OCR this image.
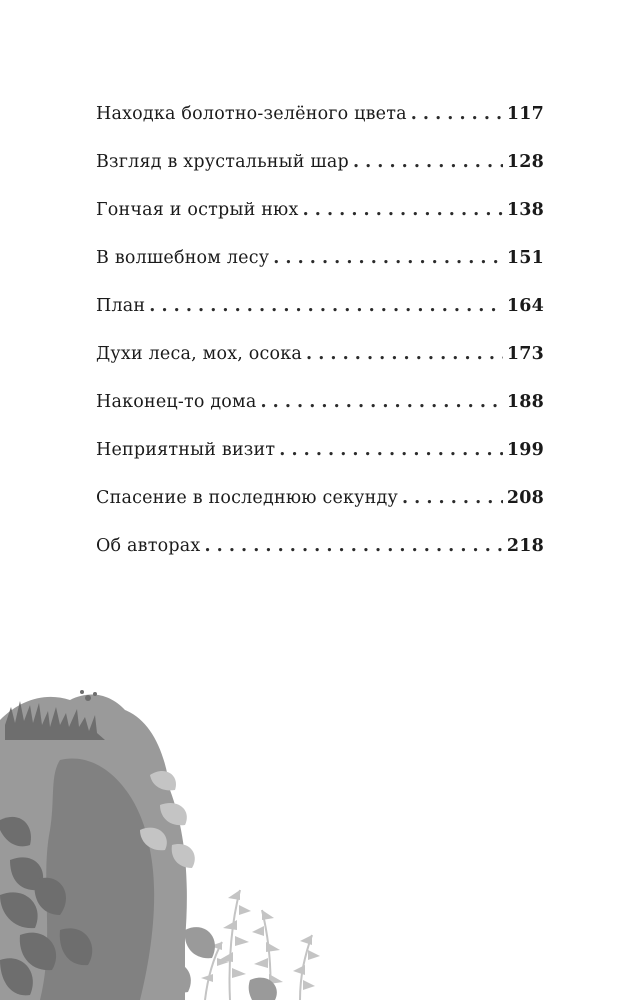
Находка болотно-зелёного цвета . . .	117
Взгляд в хрустальный шар . . .	128
Гончая и острый нюх . . .	138
В волшебном лесу . . .	151
План . . .	164
Духи леса, мох, осока . . .	173
Наконец-то дома . . .	188
Неприятный визит . . .	199
Спасение в последнюю секунду . . .	208
Об авторах . . .	218
